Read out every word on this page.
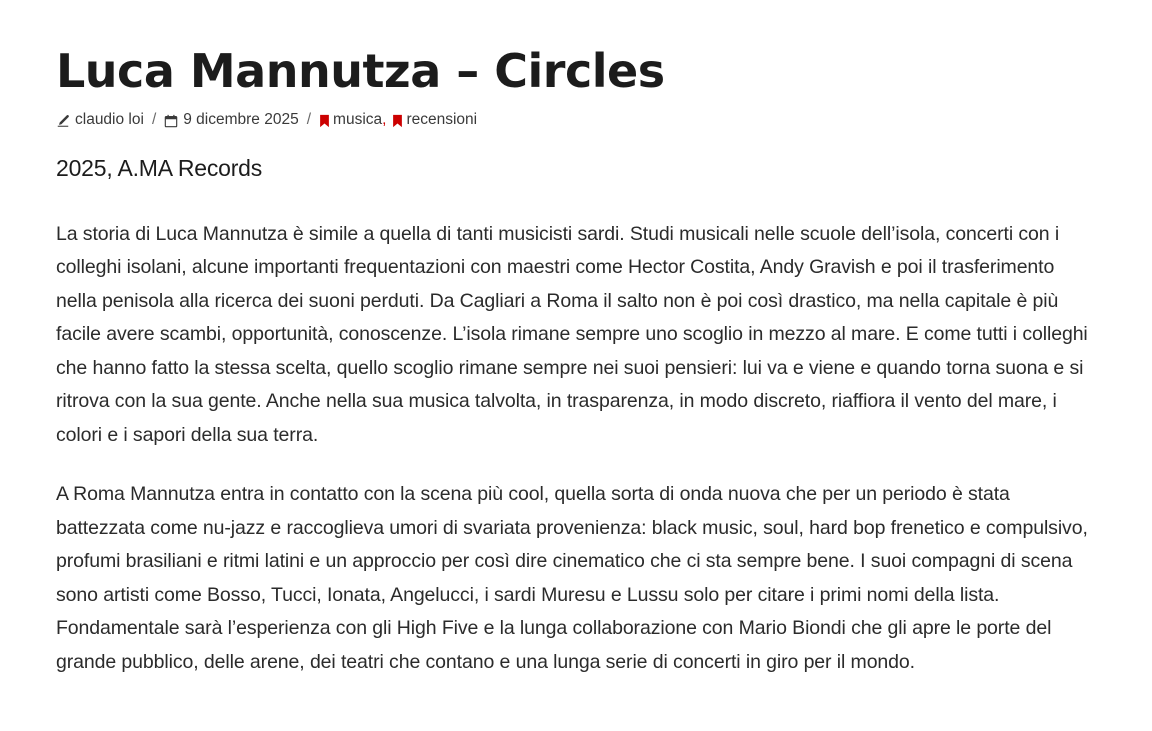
Luca Mannutza – Circles
claudio loi / 9 dicembre 2025 / musica , recensioni
2025, A.MA Records

La storia di Luca Mannutza è simile a quella di tanti musicisti sardi. Studi musicali nelle scuole dell’isola, concerti con i colleghi isolani, alcune importanti frequentazioni con maestri come Hector Costita, Andy Gravish e poi il trasferimento nella penisola alla ricerca dei suoni perduti. Da Cagliari a Roma il salto non è poi così drastico, ma nella capitale è più facile avere scambi, opportunità, conoscenze. L’isola rimane sempre uno scoglio in mezzo al mare. E come tutti i colleghi che hanno fatto la stessa scelta, quello scoglio rimane sempre nei suoi pensieri: lui va e viene e quando torna suona e si ritrova con la sua gente. Anche nella sua musica talvolta, in trasparenza, in modo discreto, riaffiora il vento del mare, i colori e i sapori della sua terra.

A Roma Mannutza entra in contatto con la scena più cool, quella sorta di onda nuova che per un periodo è stata battezzata come nu-jazz e raccoglieva umori di svariata provenienza: black music, soul, hard bop frenetico e compulsivo, profumi brasiliani e ritmi latini e un approccio per così dire cinematico che ci sta sempre bene. I suoi compagni di scena sono artisti come Bosso, Tucci, Ionata, Angelucci, i sardi Muresu e Lussu solo per citare i primi nomi della lista. Fondamentale sarà l’esperienza con gli High Five e la lunga collaborazione con Mario Biondi che gli apre le porte del grande pubblico, delle arene, dei teatri che contano e una lunga serie di concerti in giro per il mondo.
